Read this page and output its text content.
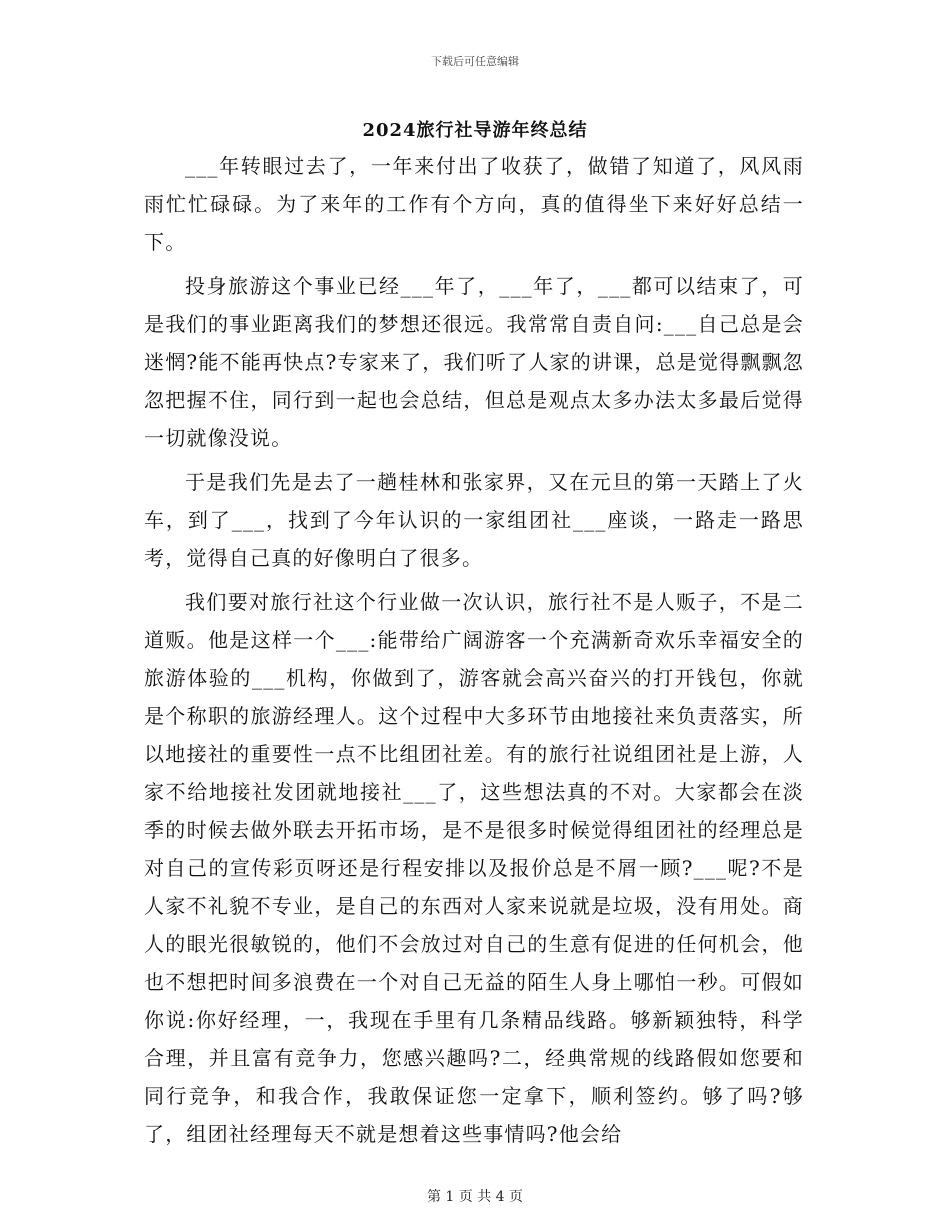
下载后可任意编辑
2024旅行社导游年终总结

___年转眼过去了，一年来付出了收获了，做错了知道了，风风雨雨忙忙碌碌。为了来年的工作有个方向，真的值得坐下来好好总结一下。

投身旅游这个事业已经___年了，___年了，___都可以结束了，可是我们的事业距离我们的梦想还很远。我常常自责自问:___自己总是会迷惘?能不能再快点?专家来了，我们听了人家的讲课，总是觉得飘飘忽忽把握不住，同行到一起也会总结，但总是观点太多办法太多最后觉得一切就像没说。

于是我们先是去了一趟桂林和张家界，又在元旦的第一天踏上了火车，到了___，找到了今年认识的一家组团社___座谈，一路走一路思考，觉得自己真的好像明白了很多。

我们要对旅行社这个行业做一次认识，旅行社不是人贩子，不是二道贩。他是这样一个___:能带给广阔游客一个充满新奇欢乐幸福安全的旅游体验的___机构，你做到了，游客就会高兴奋兴的打开钱包，你就是个称职的旅游经理人。这个过程中大多环节由地接社来负责落实，所以地接社的重要性一点不比组团社差。有的旅行社说组团社是上游，人家不给地接社发团就地接社___了，这些想法真的不对。大家都会在淡季的时候去做外联去开拓市场，是不是很多时候觉得组团社的经理总是对自己的宣传彩页呀还是行程安排以及报价总是不屑一顾?___呢?不是人家不礼貌不专业，是自己的东西对人家来说就是垃圾，没有用处。商人的眼光很敏锐的，他们不会放过对自己的生意有促进的任何机会，他也不想把时间多浪费在一个对自己无益的陌生人身上哪怕一秒。可假如你说:你好经理，一，我现在手里有几条精品线路。够新颖独特，科学合理，并且富有竞争力，您感兴趣吗?二，经典常规的线路假如您要和同行竞争，和我合作，我敢保证您一定拿下，顺利签约。够了吗?够了，组团社经理每天不就是想着这些事情吗?他会给

第 1 页 共 4 页
